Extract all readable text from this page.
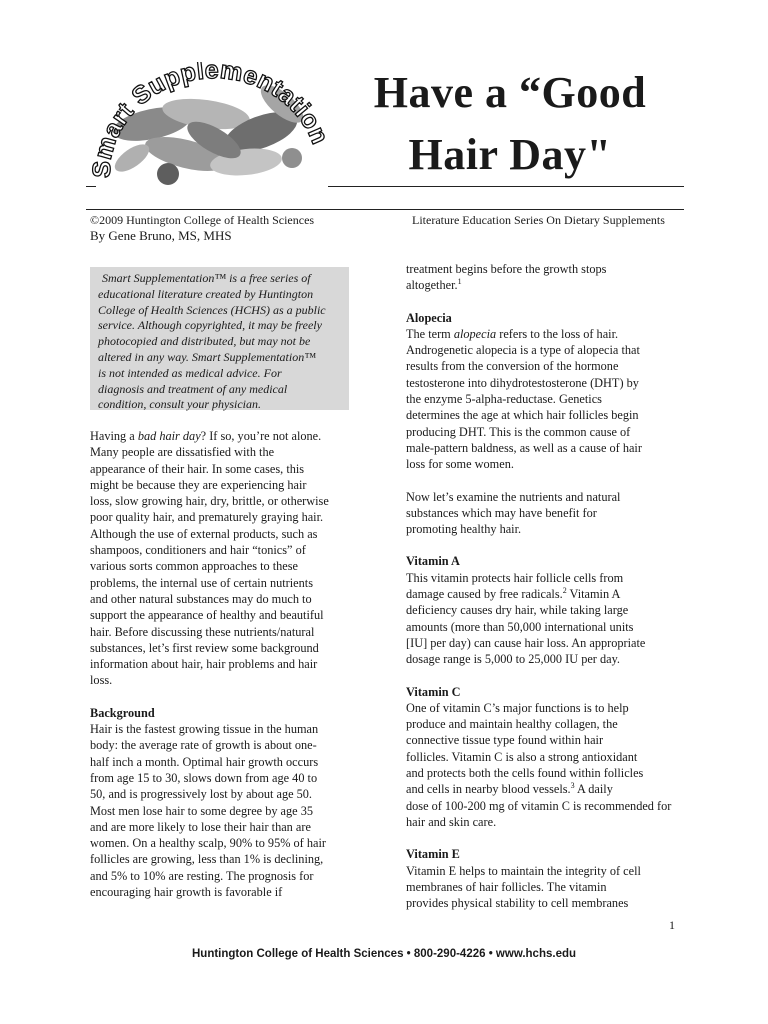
Smart Supplementation
Have a “Good
Hair Day"
©2009 Huntington College of Health Sciences
By Gene Bruno, MS, MHS
Literature Education Series On Dietary Supplements
Smart Supplementation™ is a free series of
educational literature created by Huntington
College of Health Sciences (HCHS) as a public
service. Although copyrighted, it may be freely
photocopied and distributed, but may not be
altered in any way. Smart Supplementation™
is not intended as medical advice. For
diagnosis and treatment of any medical
condition, consult your physician.

Having a bad hair day? If so, you’re not alone.

Many people are dissatisfied with the

appearance of their hair. In some cases, this

might be because they are experiencing hair

loss, slow growing hair, dry, brittle, or otherwise

poor quality hair, and prematurely graying hair.

Although the use of external products, such as

shampoos, conditioners and hair “tonics” of

various sorts common approaches to these

problems, the internal use of certain nutrients

and other natural substances may do much to

support the appearance of healthy and beautiful

hair. Before discussing these nutrients/natural

substances, let’s first review some background

information about hair, hair problems and hair

loss.

Background

Hair is the fastest growing tissue in the human

body: the average rate of growth is about one-

half inch a month. Optimal hair growth occurs

from age 15 to 30, slows down from age 40 to

50, and is progressively lost by about age 50.

Most men lose hair to some degree by age 35

and are more likely to lose their hair than are

women. On a healthy scalp, 90% to 95% of hair

follicles are growing, less than 1% is declining,

and 5% to 10% are resting. The prognosis for

encouraging hair growth is favorable if

treatment begins before the growth stops

altogether.$^1$

Alopecia

The term alopecia refers to the loss of hair.

Androgenetic alopecia is a type of alopecia that

results from the conversion of the hormone

testosterone into dihydrotestosterone (DHT) by

the enzyme 5-alpha-reductase. Genetics

determines the age at which hair follicles begin

producing DHT. This is the common cause of

male-pattern baldness, as well as a cause of hair

loss for some women.

Now let’s examine the nutrients and natural

substances which may have benefit for

promoting healthy hair.

Vitamin A

This vitamin protects hair follicle cells from

damage caused by free radicals.$^2$ Vitamin A

deficiency causes dry hair, while taking large

amounts (more than 50,000 international units

[IU] per day) can cause hair loss. An appropriate

dosage range is 5,000 to 25,000 IU per day.

Vitamin C

One of vitamin C’s major functions is to help

produce and maintain healthy collagen, the

connective tissue type found within hair

follicles. Vitamin C is also a strong antioxidant

and protects both the cells found within follicles

and cells in nearby blood vessels.$^3$ A daily

dose of 100-200 mg of vitamin C is recommended for

hair and skin care.

Vitamin E

Vitamin E helps to maintain the integrity of cell

membranes of hair follicles. The vitamin

provides physical stability to cell membranes

1
Huntington College of Health Sciences • 800-290-4226 • www.hchs.edu
